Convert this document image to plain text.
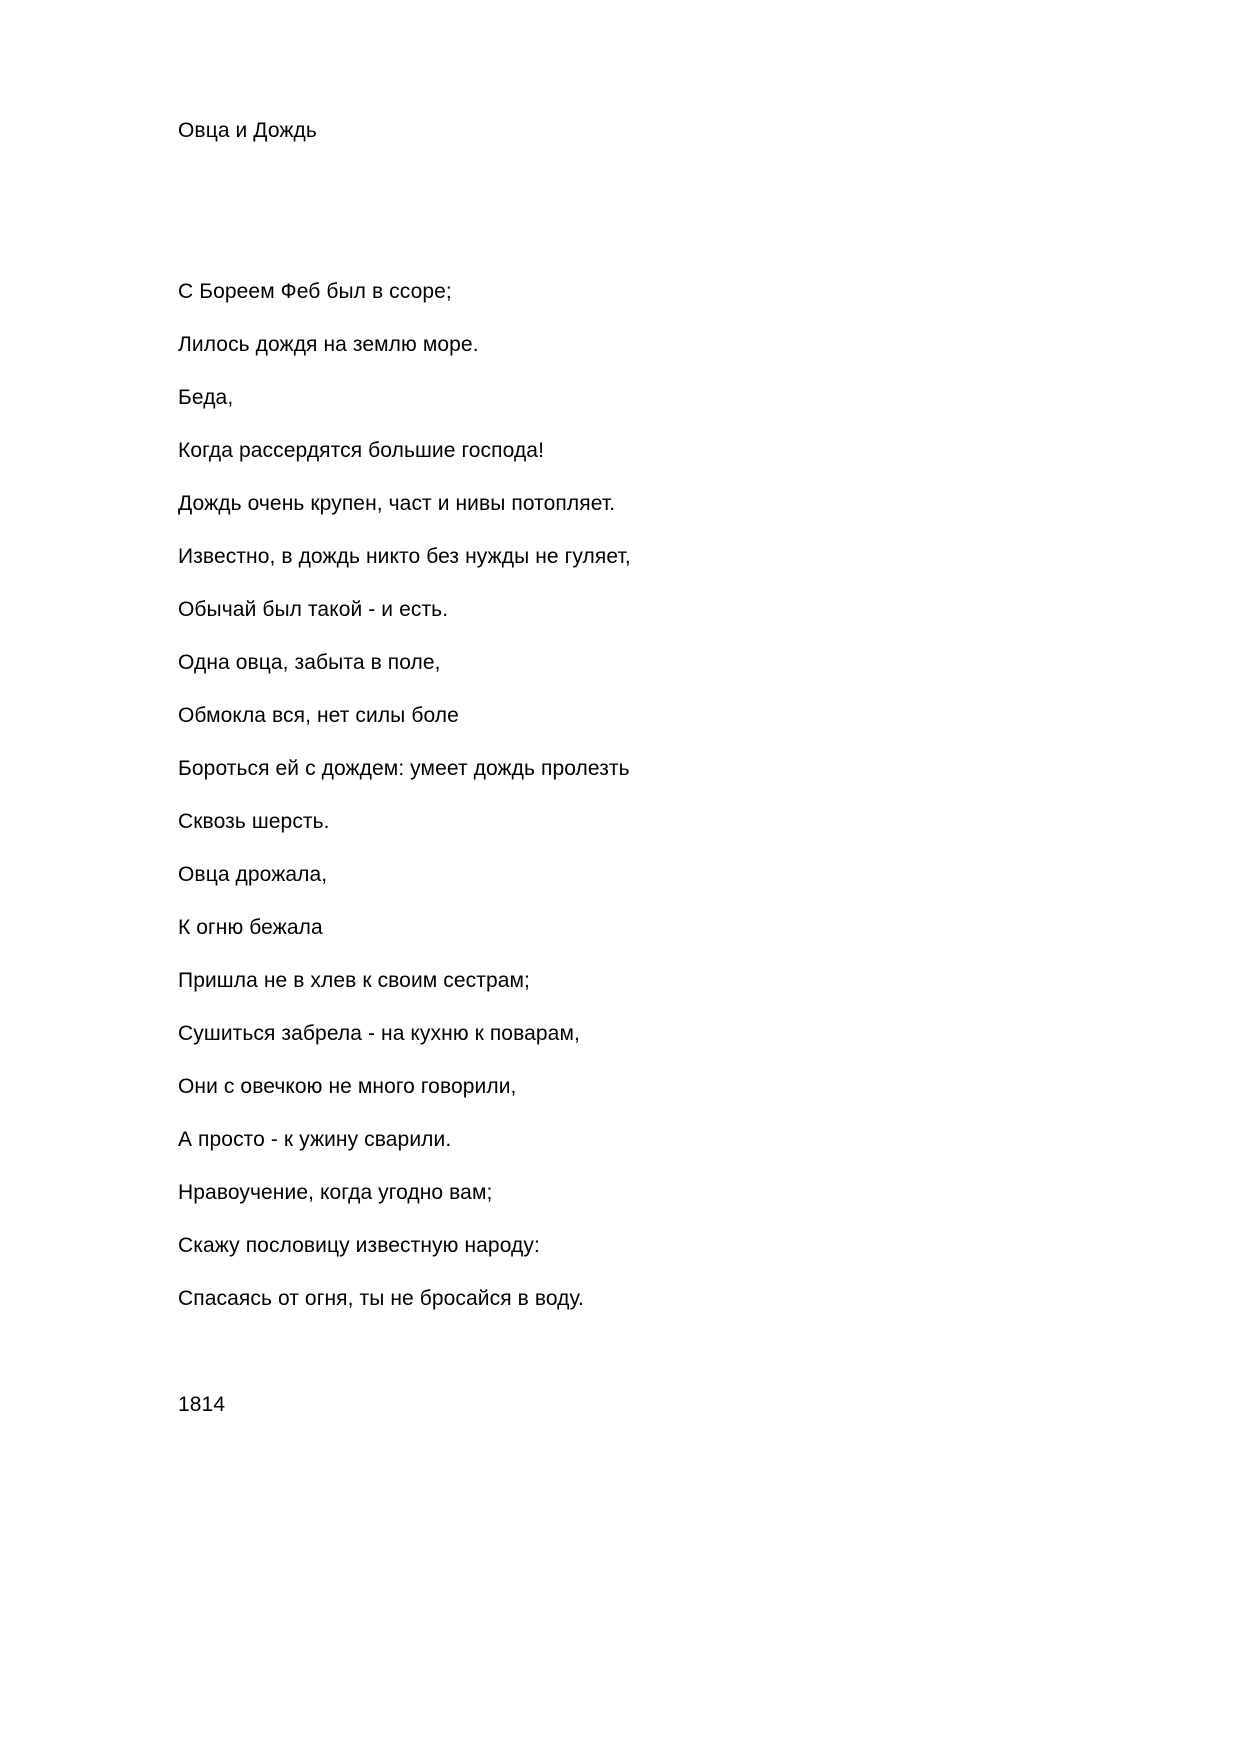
Овца и Дождь
С Бореем Феб был в ссоре;
Лилось дождя на землю море.
Беда,
Когда рассердятся большие господа!
Дождь очень крупен, част и нивы потопляет.
Известно, в дождь никто без нужды не гуляет,
Обычай был такой - и есть.
Одна овца, забыта в поле,
Обмокла вся, нет силы боле
Бороться ей с дождем: умеет дождь пролезть
Сквозь шерсть.
Овца дрожала,
К огню бежала
Пришла не в хлев к своим сестрам;
Сушиться забрела - на кухню к поварам,
Они с овечкою не много говорили,
А просто - к ужину сварили.
Нравоучение, когда угодно вам;
Скажу пословицу известную народу:
Спасаясь от огня, ты не бросайся в воду.
1814
